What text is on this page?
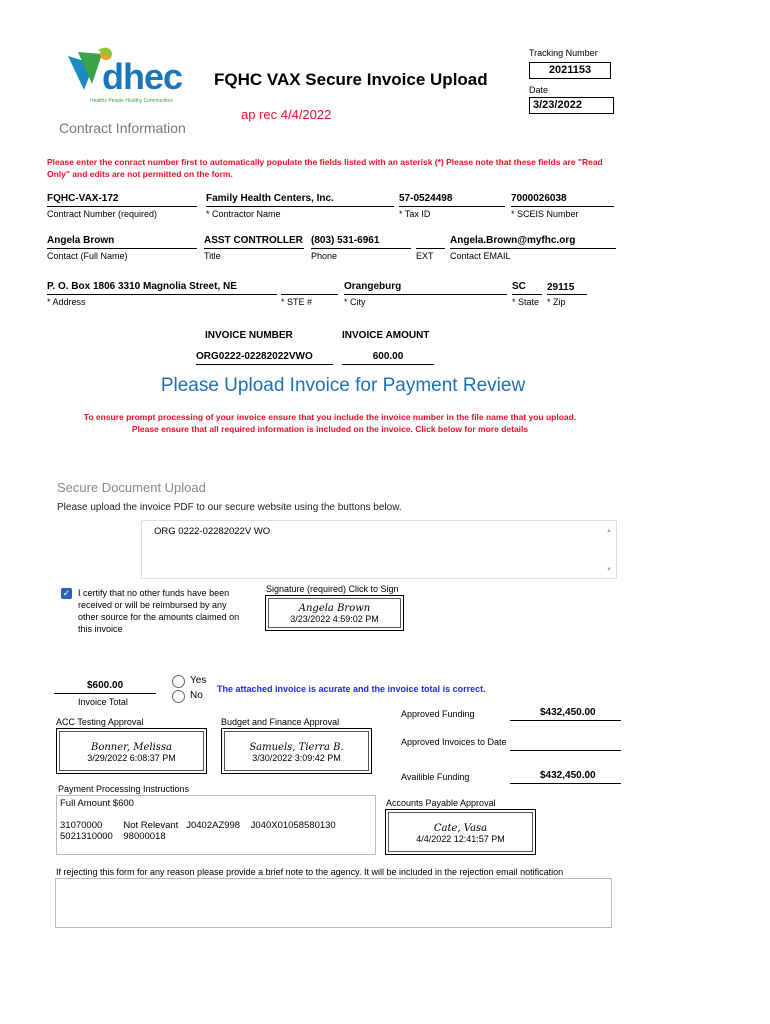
dhec
Healthy People Healthy Communities
FQHC VAX Secure Invoice Upload
ap rec 4/4/2022
Contract Information
Tracking Number
2021153
Date
3/23/2022
Please enter the conract number first to automatically populate the fields listed with an asterisk (*) Please note that these fields are "Read Only" and edits are not permitted on the form.
FQHC-VAX-172
Contract Number (required)
Family Health Centers, Inc.
* Contractor Name
57-0524498
* Tax ID
7000026038
* SCEIS Number
Angela Brown
Contact (Full Name)
ASST CONTROLLER
Title
(803) 531-6961
Phone	EXT
Angela.Brown@myfhc.org
Contact EMAIL
P. O. Box 1806 3310 Magnolia Street, NE
* Address	* STE #
Orangeburg
* City
SC
* State
29115
* Zip
INVOICE NUMBER	INVOICE AMOUNT
ORG0222-02282022VWO	600.00
Please Upload Invoice for Payment Review
To ensure prompt processing of your invoice ensure that you include the invoice number in the file name that you upload.
Please ensure that all required information is included on the invoice. Click below for more details
Secure Document Upload
Please upload the invoice PDF to our secure website using the buttons below.
ORG 0222-02282022V WO	▲
▼
✓ I certify that no other funds have been
received or will be reimbursed by any
other source for the amounts claimed on
this invoice
Signature (required) Click to Sign
Angela Brown
3/23/2022 4:59:02 PM
$600.00
Invoice Total
Yes
No
The attached invoice is acurate and the invoice total is correct.
ACC Testing Approval
Bonner, Melissa
3/29/2022 6:08:37 PM
Budget and Finance Approval
Samuels, Tierra B.
3/30/2022 3:09:42 PM
Approved Funding	$432,450.00
Approved Invoices to Date
Availible Funding	$432,450.00
Payment Processing Instructions

Full Amount $600

31070000        Not Relevant   J0402AZ998    J040X01058580130

5021310000    98000018

Accounts Payable Approval
Cate, Vasa
4/4/2022 12:41:57 PM
If rejecting this form for any reason please provide a brief note to the agency. It will be included in the rejection email notification
